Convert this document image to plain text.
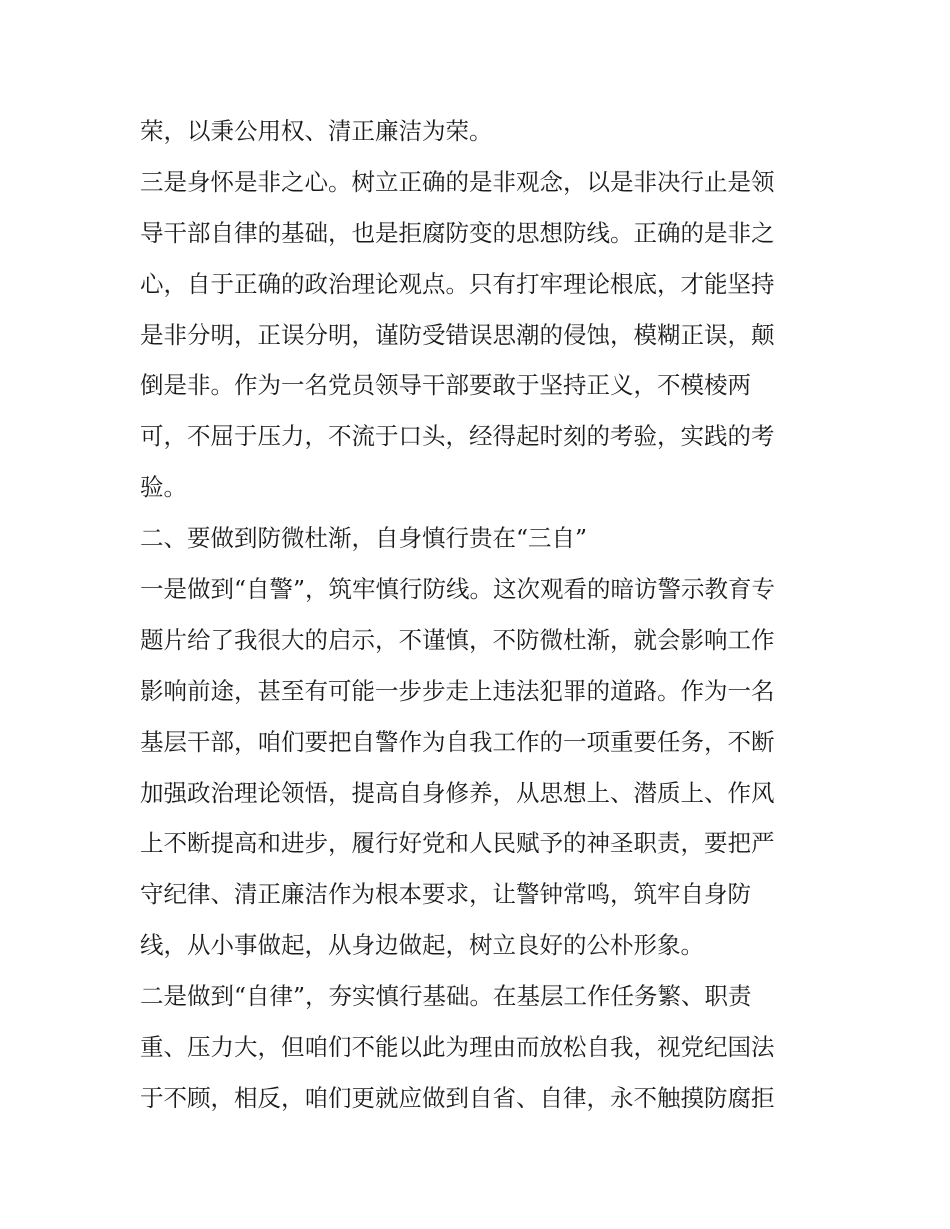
荣，以秉公用权、清正廉洁为荣。
三是身怀是非之心。树立正确的是非观念，以是非决行止是领
导干部自律的基础，也是拒腐防变的思想防线。正确的是非之
心，自于正确的政治理论观点。只有打牢理论根底，才能坚持
是非分明，正误分明，谨防受错误思潮的侵蚀，模糊正误，颠
倒是非。作为一名党员领导干部要敢于坚持正义，不模棱两
可，不屈于压力，不流于口头，经得起时刻的考验，实践的考
验。
二、要做到防微杜渐，自身慎行贵在“三自”
一是做到“自警”，筑牢慎行防线。这次观看的暗访警示教育专
题片给了我很大的启示，不谨慎，不防微杜渐，就会影响工作
影响前途，甚至有可能一步步走上违法犯罪的道路。作为一名
基层干部，咱们要把自警作为自我工作的一项重要任务，不断
加强政治理论领悟，提高自身修养，从思想上、潜质上、作风
上不断提高和进步，履行好党和人民赋予的神圣职责，要把严
守纪律、清正廉洁作为根本要求，让警钟常鸣，筑牢自身防
线，从小事做起，从身边做起，树立良好的公朴形象。
二是做到“自律”，夯实慎行基础。在基层工作任务繁、职责
重、压力大，但咱们不能以此为理由而放松自我，视党纪国法
于不顾，相反，咱们更就应做到自省、自律，永不触摸防腐拒
